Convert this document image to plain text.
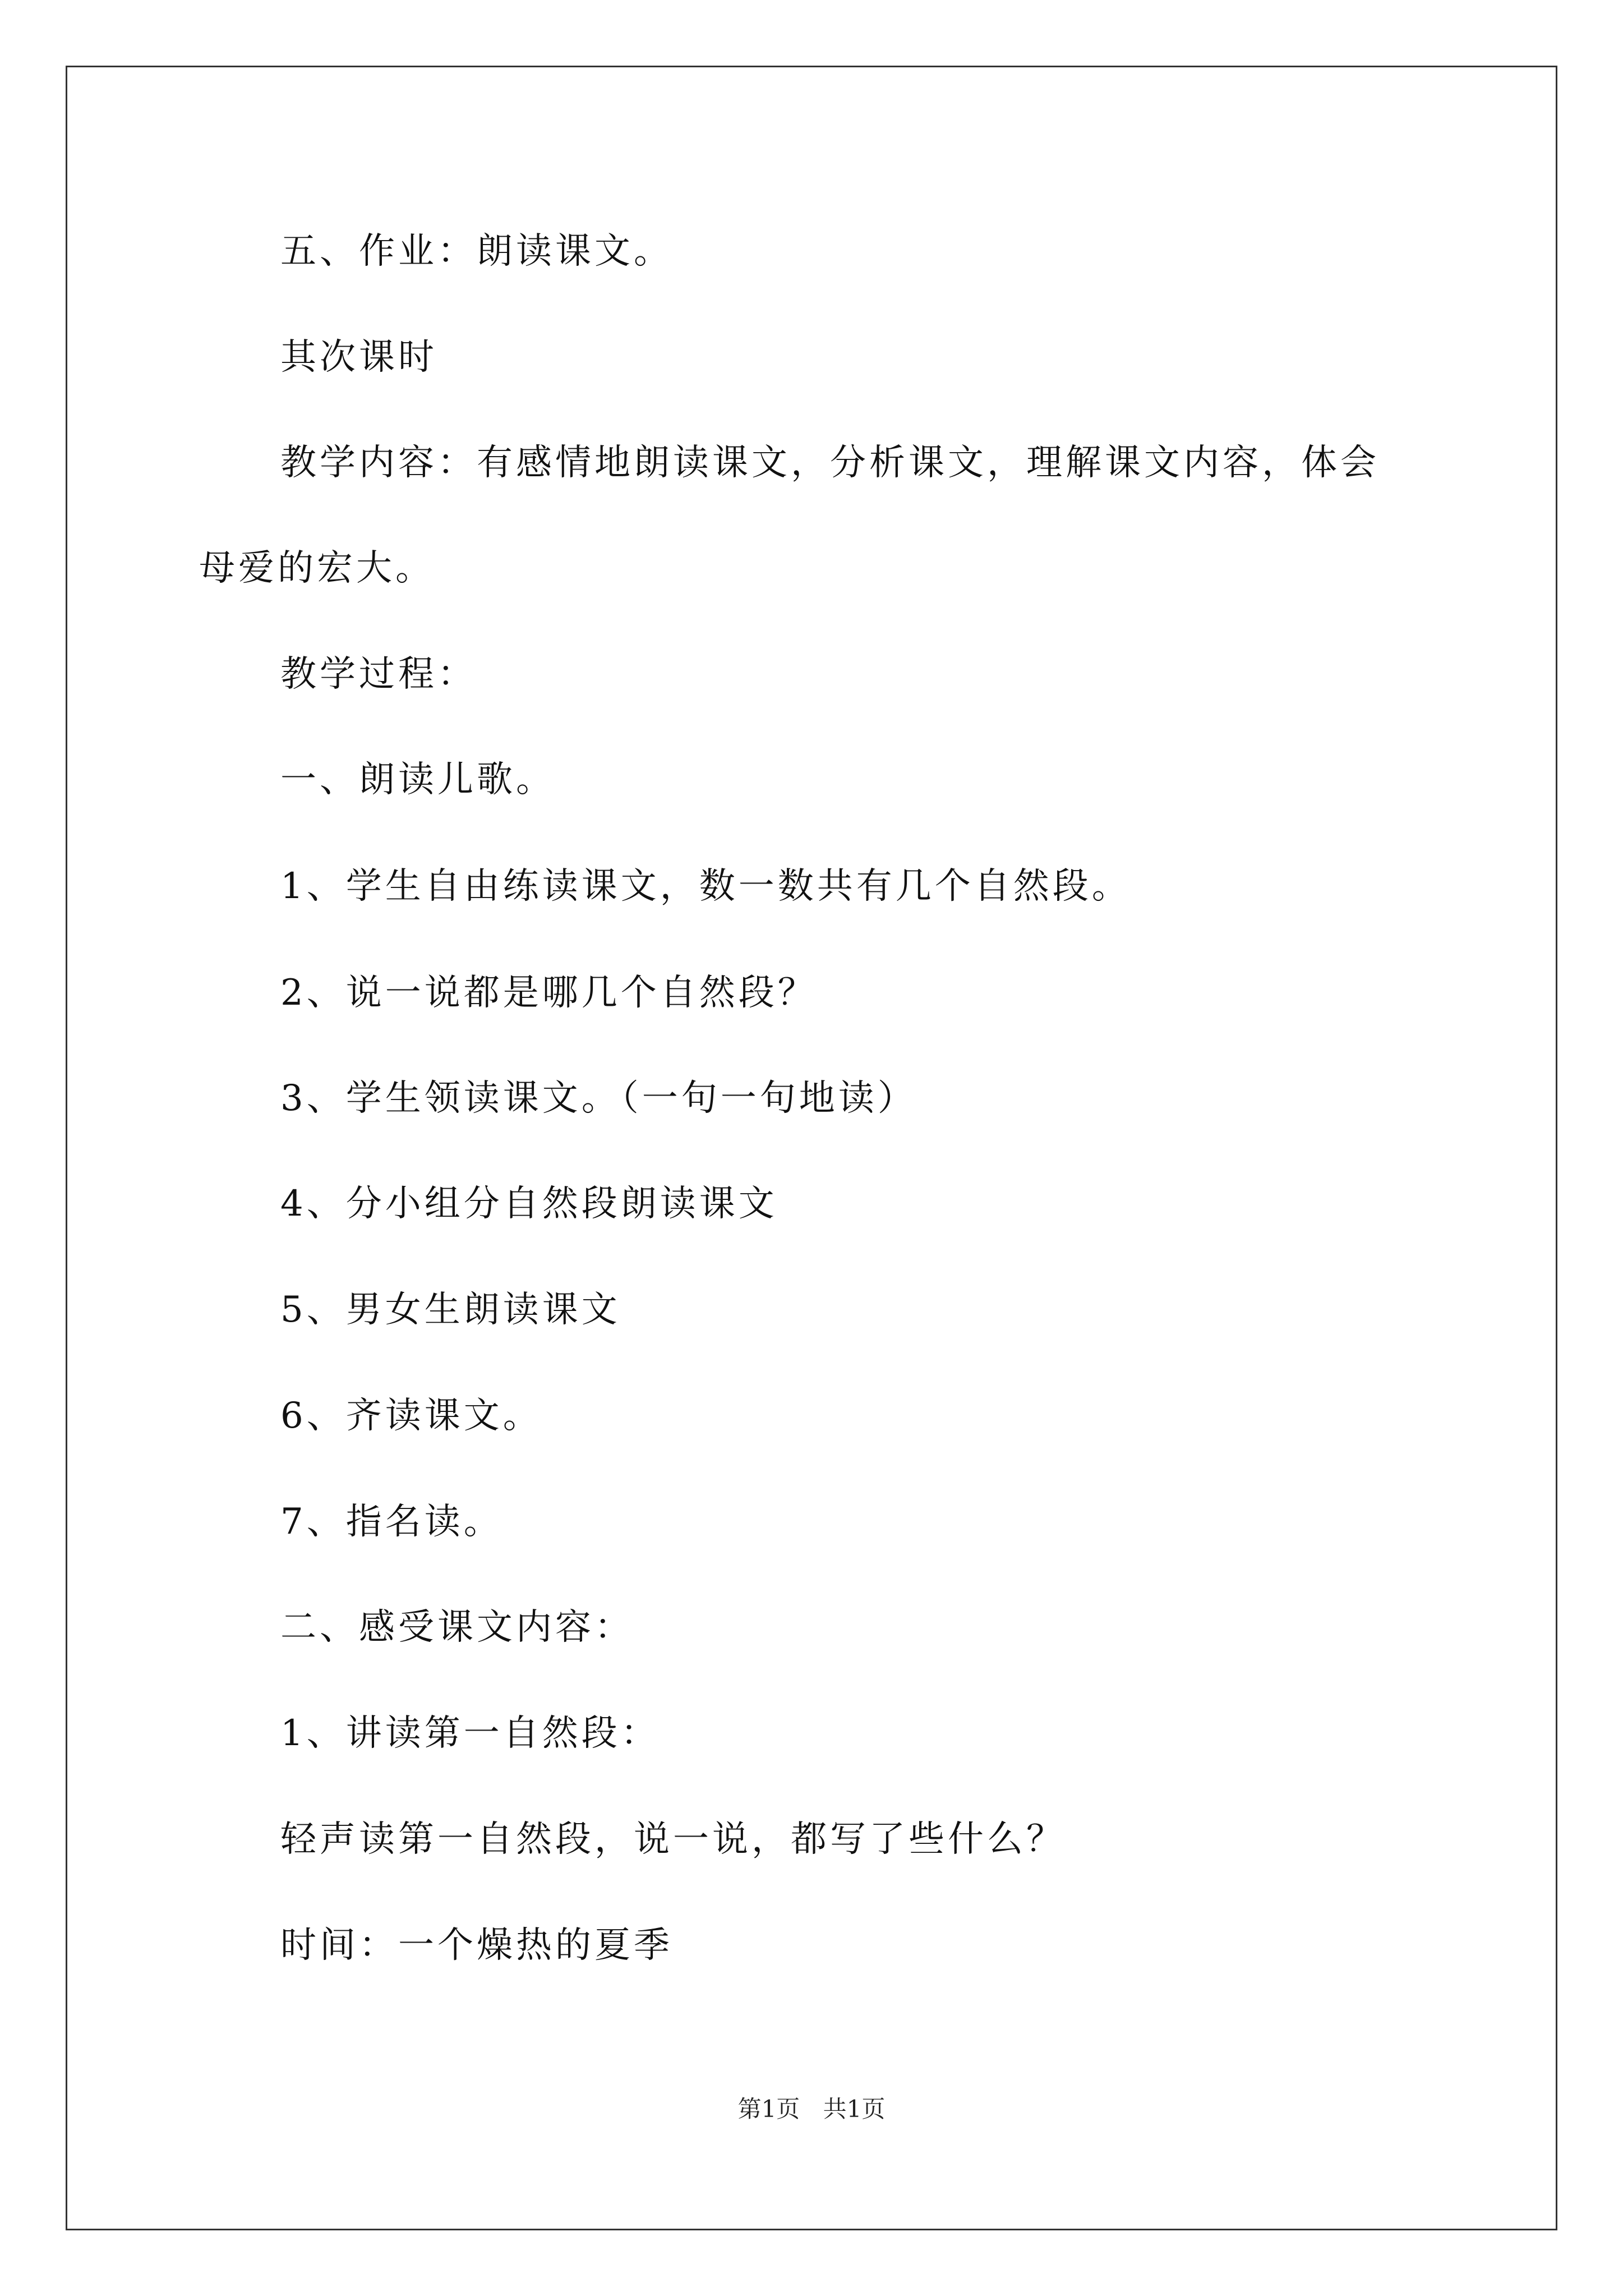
五、作业：朗读课文。
其次课时
教学内容：有感情地朗读课文，分析课文，理解课文内容，体会
母爱的宏大。
教学过程：
一、朗读儿歌。
1、学生自由练读课文，数一数共有几个自然段。
2、说一说都是哪几个自然段？
3、学生领读课文。（一句一句地读）
4、分小组分自然段朗读课文
5、男女生朗读课文
6、齐读课文。
7、指名读。
二、感受课文内容：
1、讲读第一自然段：
轻声读第一自然段，说一说，都写了些什么？
时间：一个燥热的夏季
第1页 共1页
